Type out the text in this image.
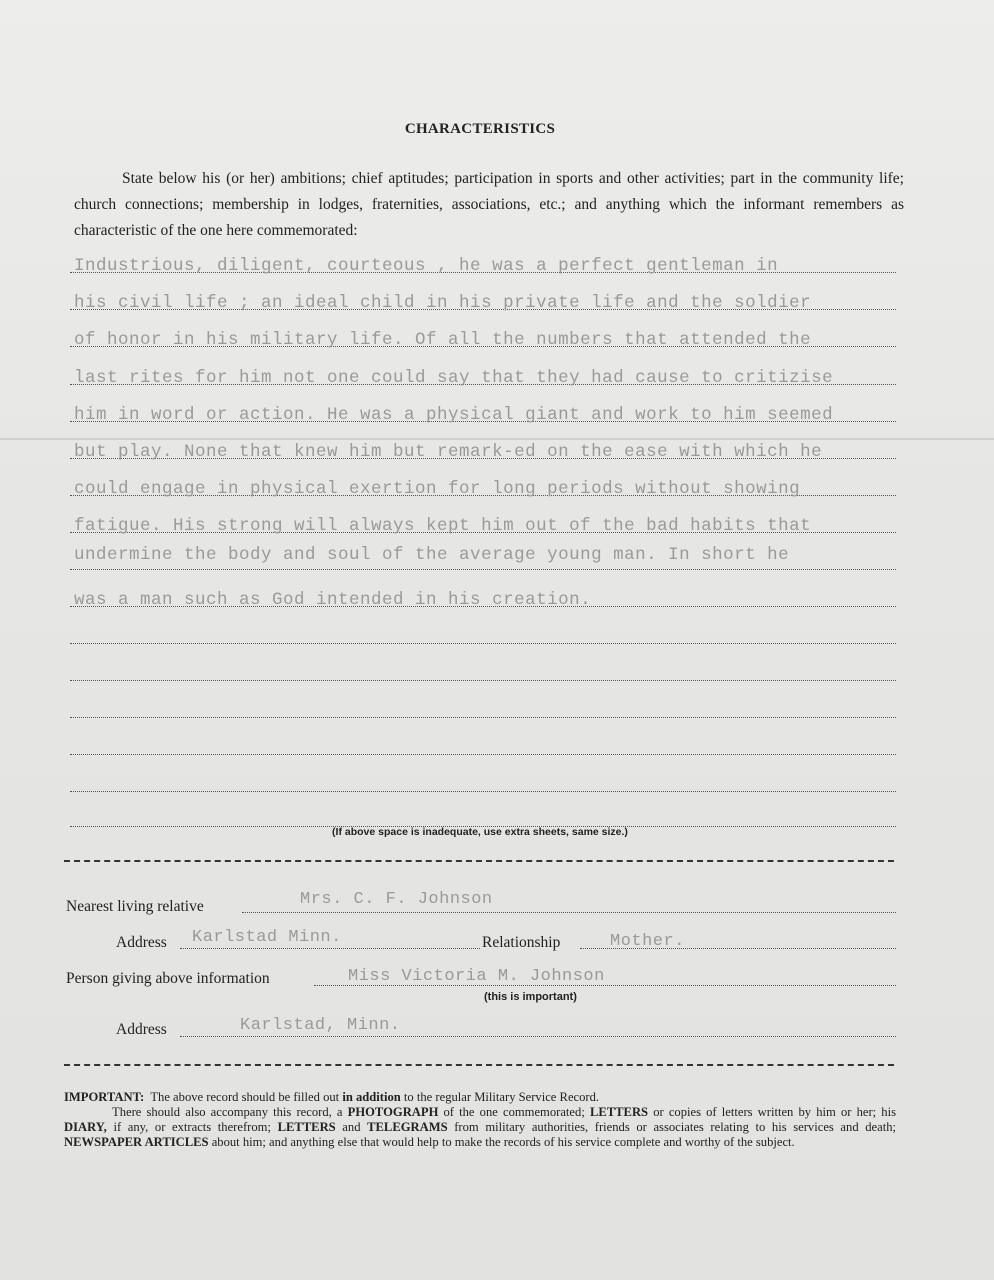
CHARACTERISTICS

State below his (or her) ambitions; chief aptitudes; participation in sports and other activities; part in the community life; church connections; membership in lodges, fraternities, associations, etc.; and anything which the informant remembers as characteristic of the one here commemorated:

Industrious, diligent, courteous , he was a perfect gentleman in
his civil life ; an ideal child in his private life and the soldier
of honor in his military life. Of all the numbers that attended the
last rites for him not one could say that they had cause to critizise
him in word or action. He was a physical giant and work to him seemed
but play. None that knew him but remark-ed on the ease with which he
could engage in physical exertion for long periods without showing
fatigue. His strong will always kept him out of the bad habits that
undermine the body and soul of the average young man. In short he
was a man such as God intended in his creation.
(If above space is inadequate, use extra sheets, same size.)
Nearest living relative	Mrs. C. F. Johnson
Address Karlstad Minn.	Relationship	Mother.
Person giving above information	Miss Victoria M. Johnson
(this is important)
Address	Karlstad, Minn.

IMPORTANT: The above record should be filled out in addition to the regular Military Service Record.

There should also accompany this record, a PHOTOGRAPH of the one commemorated; LETTERS or copies of letters written by him or her; his DIARY, if any, or extracts therefrom; LETTERS and TELEGRAMS from military authorities, friends or associates relating to his services and death; NEWSPAPER ARTICLES about him; and anything else that would help to make the records of his service complete and worthy of the subject.
